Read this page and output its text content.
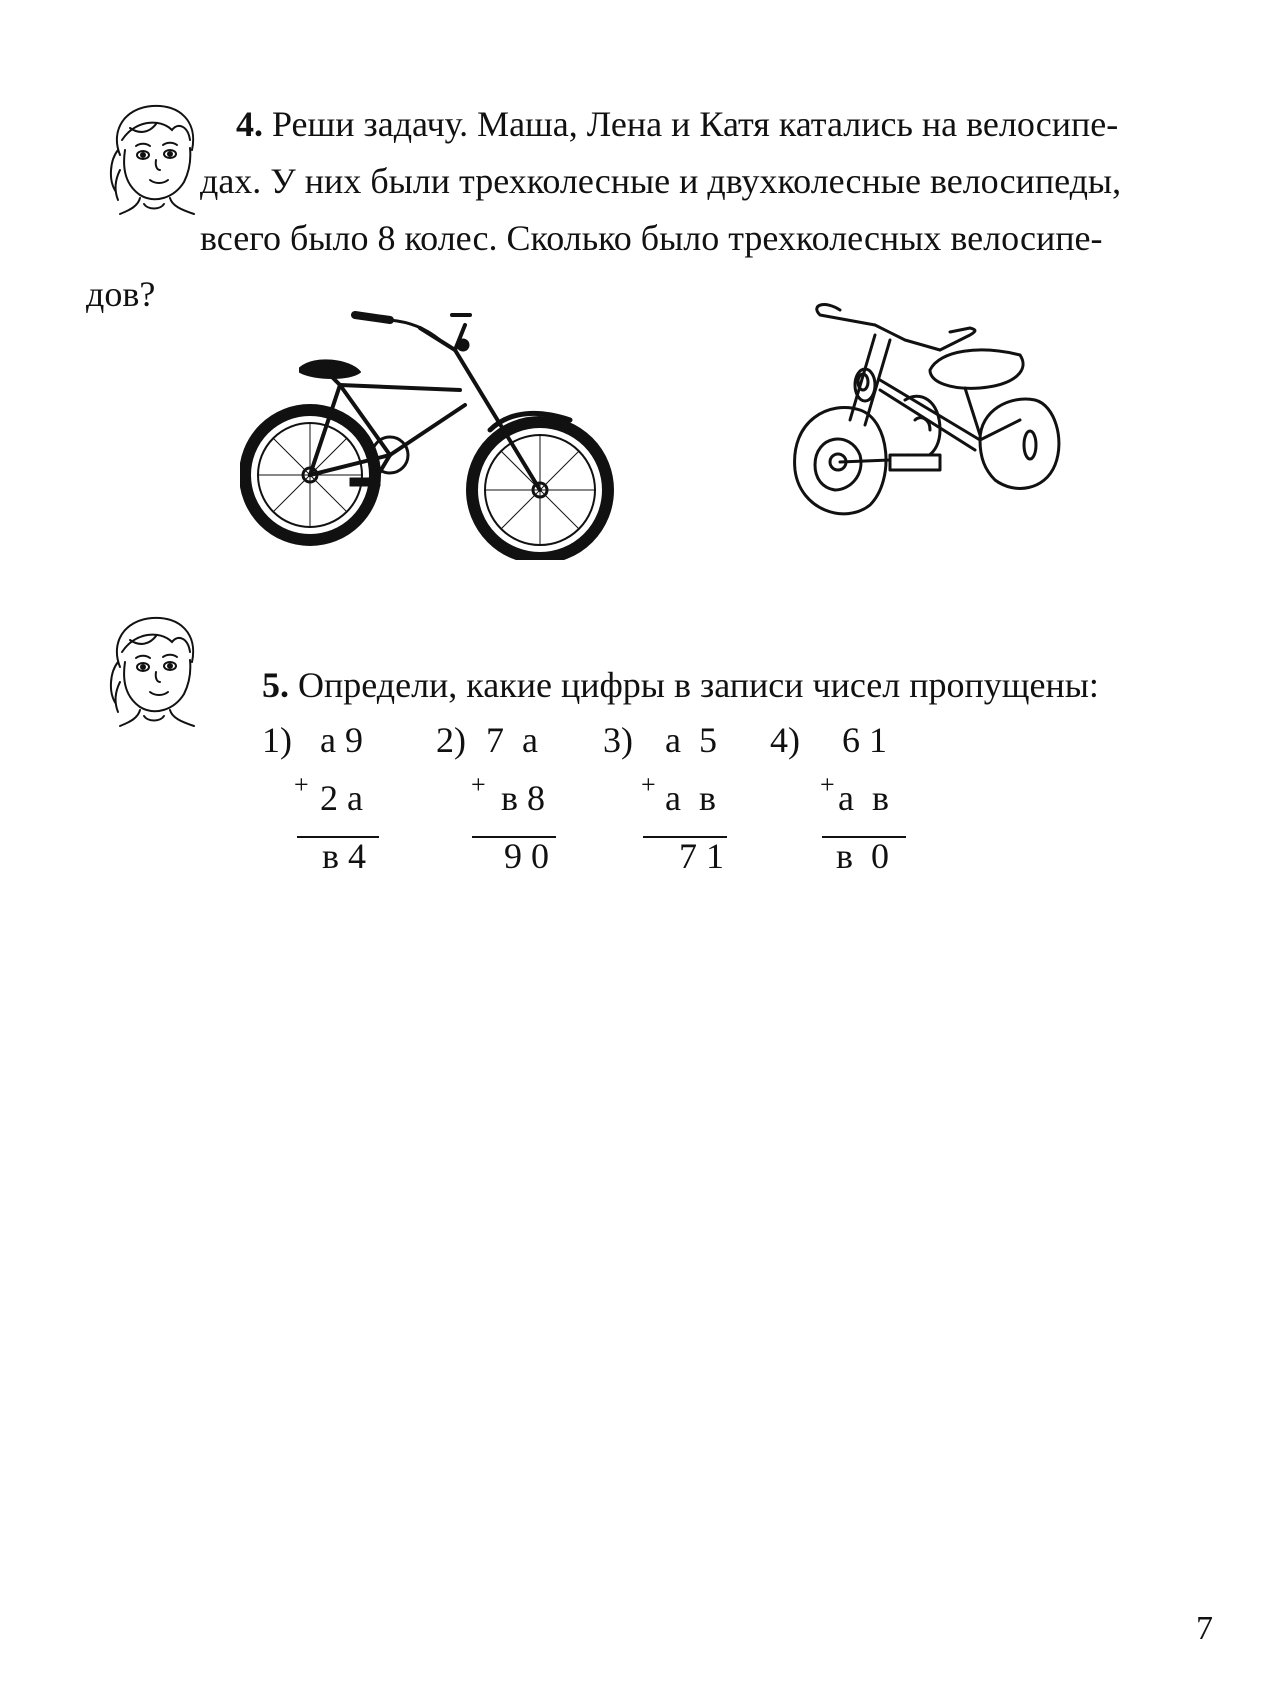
4. Реши задачу. Маша, Лена и Катя катались на велосипе-
дах. У них были трехколесные и двухколесные велосипеды,
всего было 8 колес. Сколько было трехколесных велосипе-
дов?
5. Определи, какие цифры в записи чисел пропущены:
1) а 9
+ 2 а
в 4
2) 7  а
+ в 8
9 0
3) а  5
+ а  в
7 1
4) 6 1
+ а  в
в  0
7
